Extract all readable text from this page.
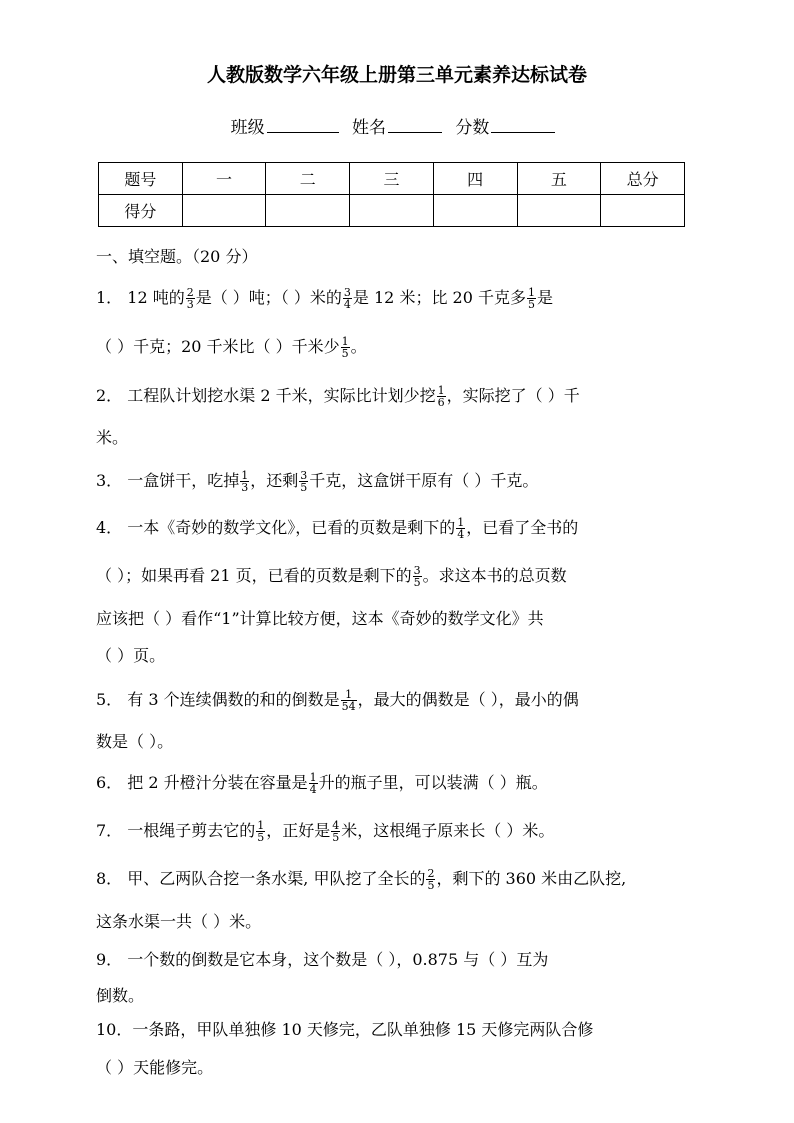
人教版数学六年级上册第三单元素养达标试卷
班级	姓名	分数
题号	一	二	三	四	五	总分
得分						
一、填空题。（20 分）
1． 12 吨的 $\frac{2}{3}$ 是（ ）吨；（ ）米的 $\frac{3}{4}$ 是 12 米；比 20 千克多 $\frac{1}{5}$ 是
（ ）千克；20 千米比（ ）千米少 $\frac{1}{5}$ 。
2． 工程队计划挖水渠 2 千米，实际比计划少挖 $\frac{1}{6}$ ，实际挖了（ ）千
米。
3． 一盒饼干，吃掉 $\frac{1}{3}$ ，还剩 $\frac{3}{5}$ 千克，这盒饼干原有（ ）千克。
4． 一本《奇妙的数学文化》，已看的页数是剩下的 $\frac{1}{4}$ ，已看了全书的
（ ）；如果再看 21 页，已看的页数是剩下的 $\frac{3}{5}$ 。求这本书的总页数
应该把（ ）看作“1”计算比较方便，这本《奇妙的数学文化》共
（ ）页。
5． 有 3 个连续偶数的和的倒数是 $\frac{1}{54}$ ，最大的偶数是（ ），最小的偶
数是（ ）。
6． 把 2 升橙汁分装在容量是 $\frac{1}{4}$ 升的瓶子里，可以装满（ ）瓶。
7． 一根绳子剪去它的 $\frac{1}{5}$ ，正好是 $\frac{4}{5}$ 米，这根绳子原来长（ ）米。
8． 甲、乙两队合挖一条水渠, 甲队挖了全长的 $\frac{2}{5}$ ，剩下的 360 米由乙队挖,
这条水渠一共（ ）米。
9． 一个数的倒数是它本身，这个数是（ ），0.875 与（ ）互为
倒数。
10．一条路，甲队单独修 10 天修完，乙队单独修 15 天修完两队合修
（ ）天能修完。
